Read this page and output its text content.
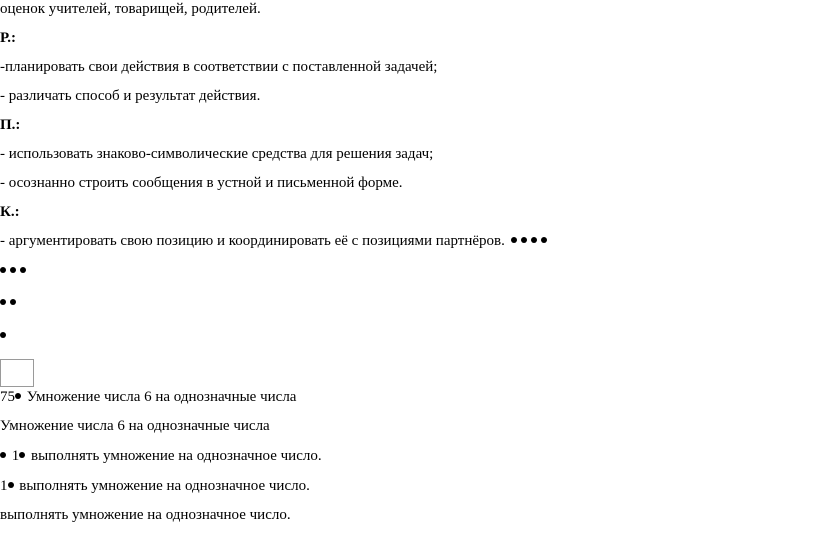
оценок учителей, товарищей, родителей.
Р.:
-планировать свои действия в соответствии с поставленной задачей;
- различать способ и результат действия.
П.:
- использовать знаково-символические средства для решения задач;
- осознанно строить сообщения в устной и письменной форме.
К.:
- аргументировать свою позицию и координировать её с позициями партнёров.
75 Умножение числа 6 на однозначные числа
Умножение числа 6 на однозначные числа
1 выполнять умножение на однозначное число.
1 выполнять умножение на однозначное число.
выполнять умножение на однозначное число.
